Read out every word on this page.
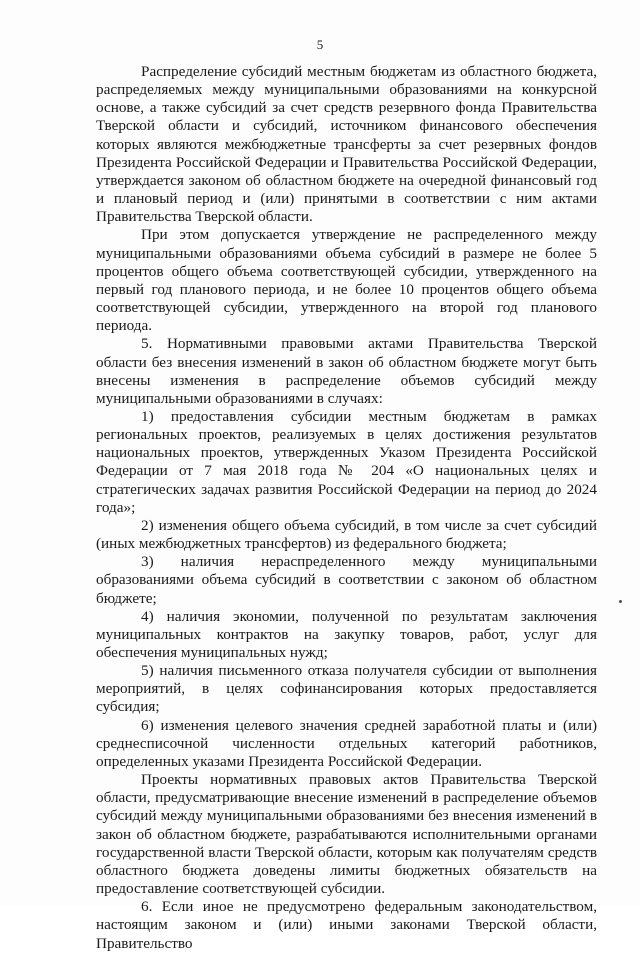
5

Распределение субсидий местным бюджетам из областного бюджета, распределяемых между муниципальными образованиями на конкурсной основе, а также субсидий за счет средств резервного фонда Правительства Тверской области и субсидий, источником финансового обеспечения которых являются межбюджетные трансферты за счет резервных фондов Президента Российской Федерации и Правительства Российской Федерации, утверждается законом об областном бюджете на очередной финансовый год и плановый период и (или) принятыми в соответствии с ним актами Правительства Тверской области.

При этом допускается утверждение не распределенного между муниципальными образованиями объема субсидий в размере не более 5 процентов общего объема соответствующей субсидии, утвержденного на первый год планового периода, и не более 10 процентов общего объема соответствующей субсидии, утвержденного на второй год планового периода.

5. Нормативными правовыми актами Правительства Тверской области без внесения изменений в закон об областном бюджете могут быть внесены изменения в распределение объемов субсидий между муниципальными образованиями в случаях:

1) предоставления субсидии местным бюджетам в рамках региональных проектов, реализуемых в целях достижения результатов национальных проектов, утвержденных Указом Президента Российской Федерации от 7 мая 2018 года № 204 «О национальных целях и стратегических задачах развития Российской Федерации на период до 2024 года»;

2) изменения общего объема субсидий, в том числе за счет субсидий (иных межбюджетных трансфертов) из федерального бюджета;

3) наличия нераспределенного между муниципальными образованиями объема субсидий в соответствии с законом об областном бюджете;

4) наличия экономии, полученной по результатам заключения муниципальных контрактов на закупку товаров, работ, услуг для обеспечения муниципальных нужд;

5) наличия письменного отказа получателя субсидии от выполнения мероприятий, в целях софинансирования которых предоставляется субсидия;

6) изменения целевого значения средней заработной платы и (или) среднесписочной численности отдельных категорий работников, определенных указами Президента Российской Федерации.

Проекты нормативных правовых актов Правительства Тверской области, предусматривающие внесение изменений в распределение объемов субсидий между муниципальными образованиями без внесения изменений в закон об областном бюджете, разрабатываются исполнительными органами государственной власти Тверской области, которым как получателям средств областного бюджета доведены лимиты бюджетных обязательств на предоставление соответствующей субсидии.

6. Если иное не предусмотрено федеральным законодательством, настоящим законом и (или) иными законами Тверской области, Правительство
